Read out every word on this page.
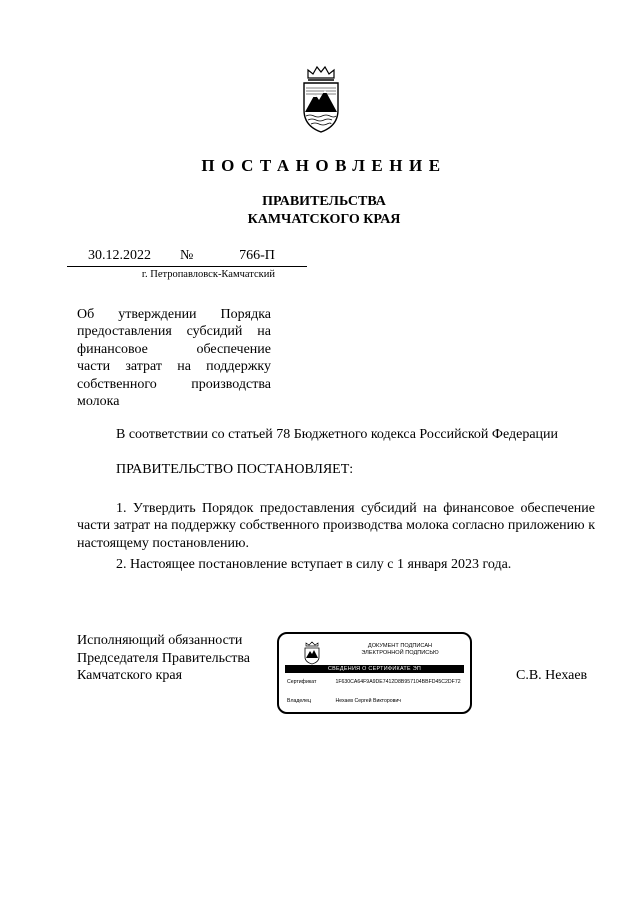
ПОСТАНОВЛЕНИЕ
ПРАВИТЕЛЬСТВА
КАМЧАТСКОГО КРАЯ
30.12.2022	№	766-П
г. Петропавловск-Камчатский
Об утверждении Порядка
предоставления субсидий на
финансовое обеспечение
части затрат на поддержку
собственного производства
молока
В соответствии со статьей 78 Бюджетного кодекса Российской Федерации
ПРАВИТЕЛЬСТВО ПОСТАНОВЛЯЕТ:
1. Утвердить Порядок предоставления субсидий на финансовое обеспечение части затрат на поддержку собственного производства молока согласно приложению к настоящему постановлению.
2. Настоящее постановление вступает в силу с 1 января 2023 года.
Исполняющий обязанности
Председателя Правительства
Камчатского края
ДОКУМЕНТ ПОДПИСАН
ЭЛЕКТРОННОЙ ПОДПИСЬЮ
СВЕДЕНИЯ О СЕРТИФИКАТЕ ЭП
Сертификат	1F630CA64F9A9DE7412D8B957104BBFD45C2DF72
Владелец	Нехаев Сергей Викторович
С.В. Нехаев
